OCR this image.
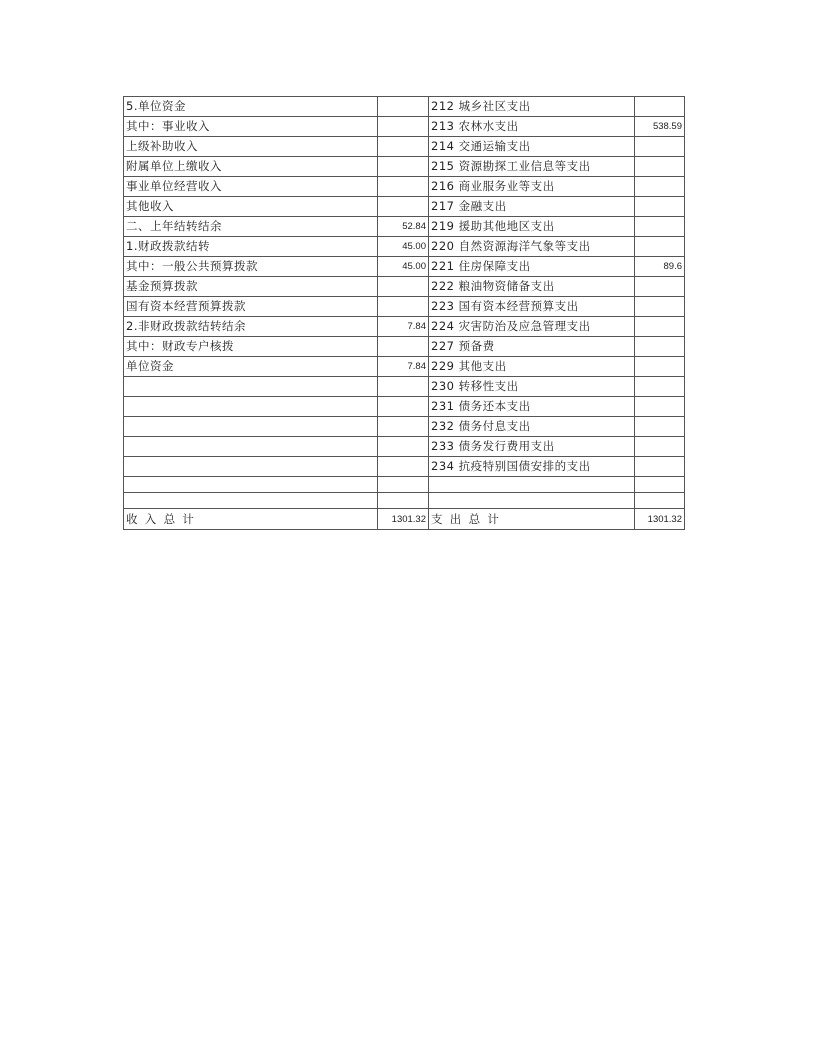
5.单位资金		212 城乡社区支出	
其中：事业收入		213 农林水支出	538.59
上级补助收入		214 交通运输支出	
附属单位上缴收入		215 资源勘探工业信息等支出	
事业单位经营收入		216 商业服务业等支出	
其他收入		217 金融支出	
二、上年结转结余	52.84	219 援助其他地区支出	
1.财政拨款结转	45.00	220 自然资源海洋气象等支出	
其中：一般公共预算拨款	45.00	221 住房保障支出	89.6
基金预算拨款		222 粮油物资储备支出	
国有资本经营预算拨款		223 国有资本经营预算支出	
2.非财政拨款结转结余	7.84	224 灾害防治及应急管理支出	
其中：财政专户核拨		227 预备费	
单位资金	7.84	229 其他支出	
		230 转移性支出	
		231 债务还本支出	
		232 债务付息支出	
		233 债务发行费用支出	
		234 抗疫特别国债安排的支出	

收  入  总  计	1301.32	支  出  总  计	1301.32
